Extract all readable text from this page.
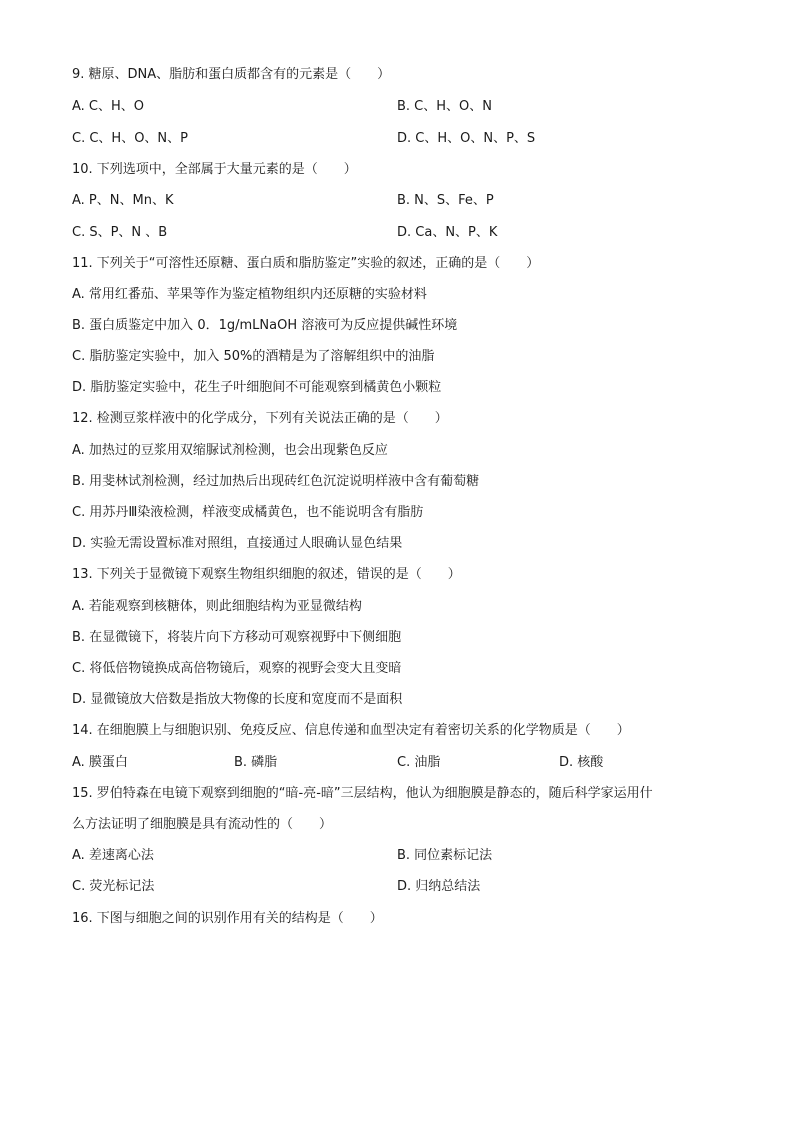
9. 糖原、DNA、脂肪和蛋白质都含有的元素是（　　）
A. C、H、O	B. C、H、O、N
C. C、H、O、N、P	D. C、H、O、N、P、S
10. 下列选项中，全部属于大量元素的是（　　）
A. P、N、Mn、K	B. N、S、Fe、P
C. S、P、N 、B	D. Ca、N、P、K
11. 下列关于“可溶性还原糖、蛋白质和脂肪鉴定”实验的叙述，正确的是（　　）
A. 常用红番茄、苹果等作为鉴定植物组织内还原糖的实验材料
B. 蛋白质鉴定中加入 0．1g/mLNaOH 溶液可为反应提供碱性环境
C. 脂肪鉴定实验中，加入 50%的酒精是为了溶解组织中的油脂
D. 脂肪鉴定实验中，花生子叶细胞间不可能观察到橘黄色小颗粒
12. 检测豆浆样液中的化学成分，下列有关说法正确的是（　　）
A. 加热过的豆浆用双缩脲试剂检测，也会出现紫色反应
B. 用斐林试剂检测，经过加热后出现砖红色沉淀说明样液中含有葡萄糖
C. 用苏丹Ⅲ染液检测，样液变成橘黄色，也不能说明含有脂肪
D. 实验无需设置标准对照组，直接通过人眼确认显色结果
13. 下列关于显微镜下观察生物组织细胞的叙述，错误的是（　　）
A. 若能观察到核糖体，则此细胞结构为亚显微结构
B. 在显微镜下，将装片向下方移动可观察视野中下侧细胞
C. 将低倍物镜换成高倍物镜后，观察的视野会变大且变暗
D. 显微镜放大倍数是指放大物像的长度和宽度而不是面积
14. 在细胞膜上与细胞识别、免疫反应、信息传递和血型决定有着密切关系的化学物质是（　　）
A. 膜蛋白	B. 磷脂	C. 油脂	D. 核酸
15. 罗伯特森在电镜下观察到细胞的“暗-亮-暗”三层结构，他认为细胞膜是静态的，随后科学家运用什
么方法证明了细胞膜是具有流动性的（　　）
A. 差速离心法	B. 同位素标记法
C. 荧光标记法	D. 归纳总结法
16. 下图与细胞之间的识别作用有关的结构是（　　）
